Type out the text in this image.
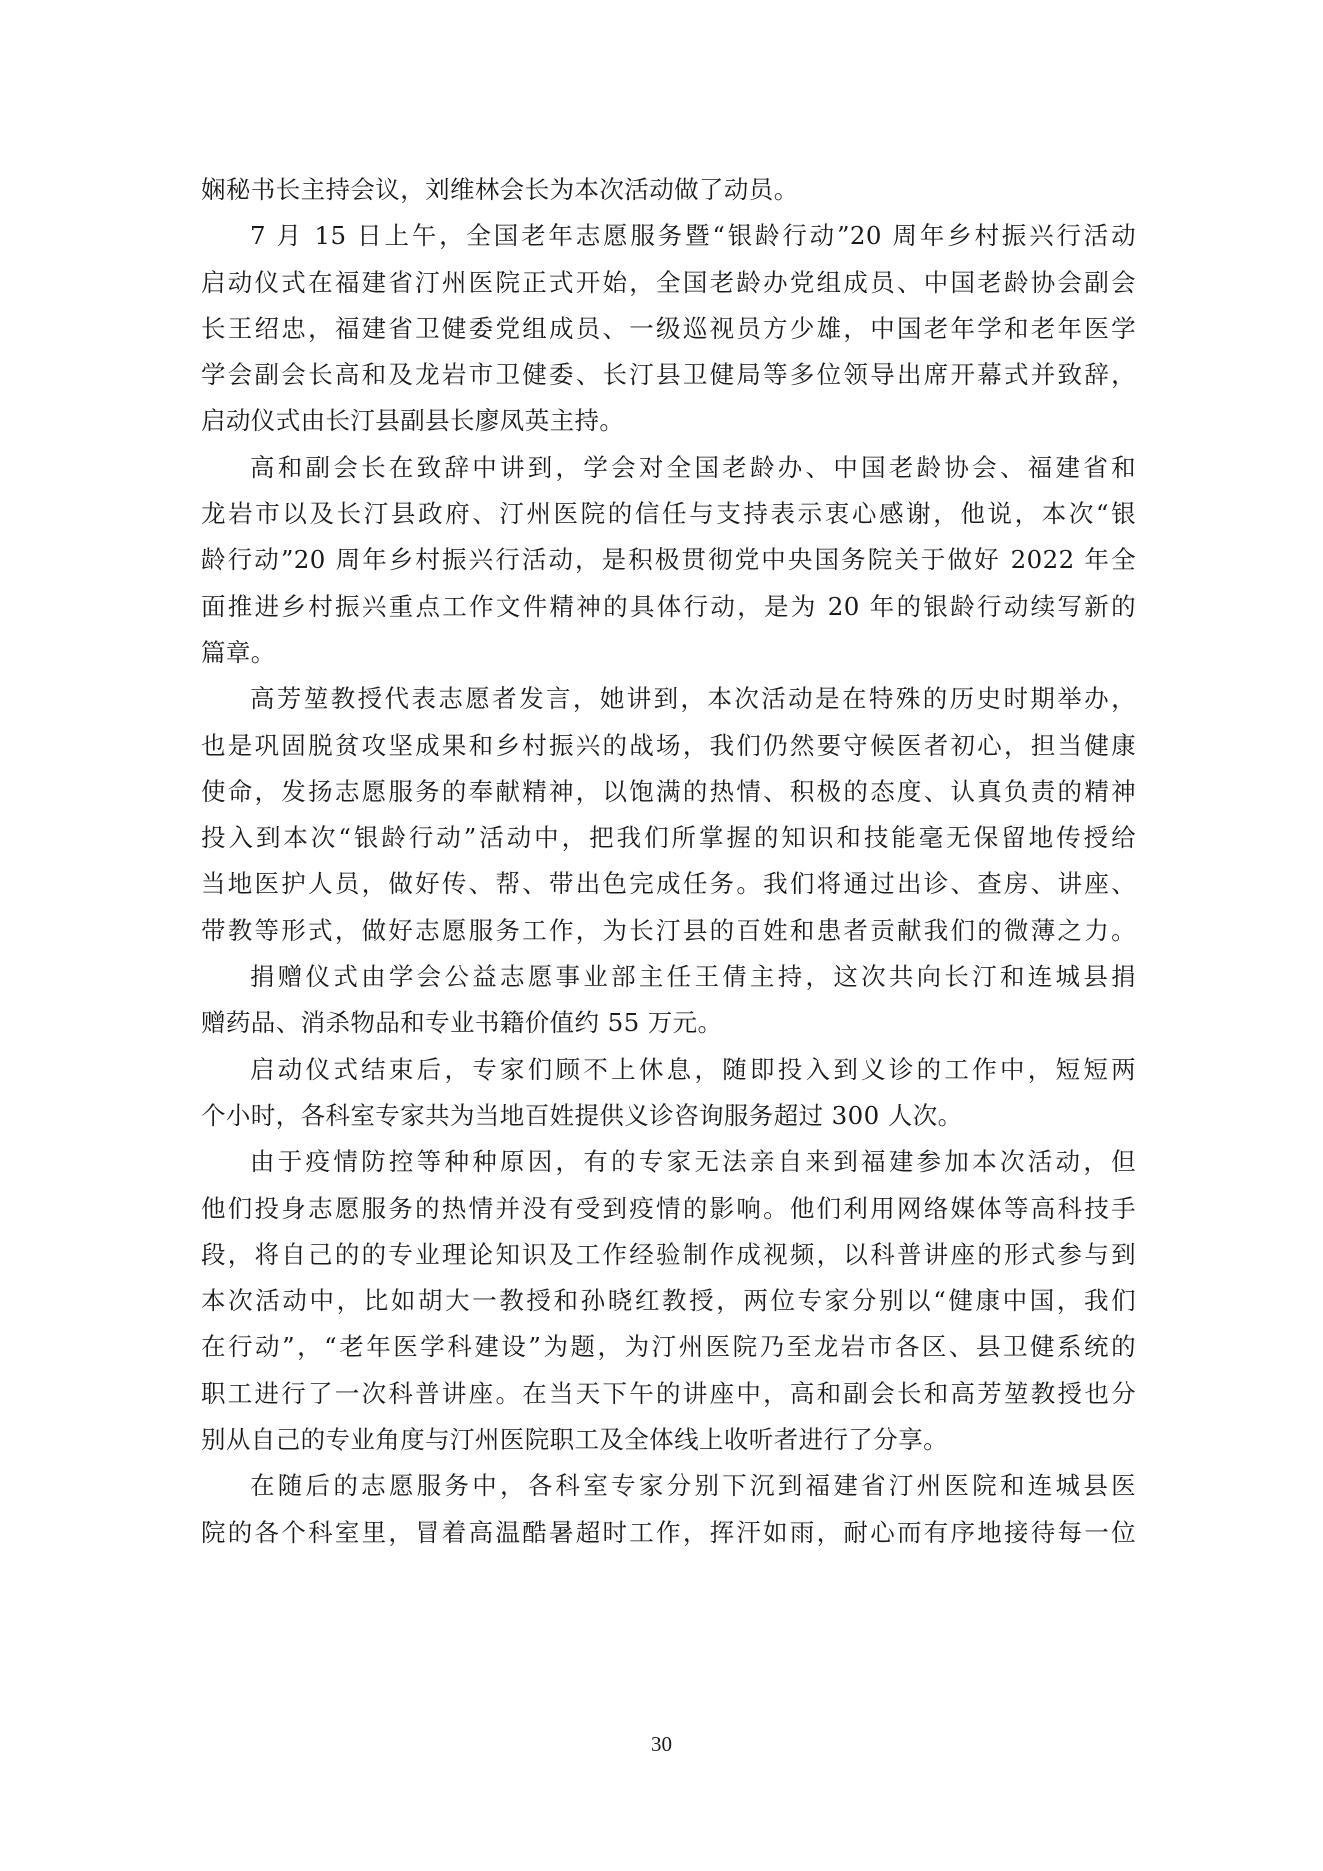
娴秘书长主持会议，刘维林会长为本次活动做了动员。
7 月 15 日上午，全国老年志愿服务暨“银龄行动”20 周年乡村振兴行活动
启动仪式在福建省汀州医院正式开始，全国老龄办党组成员、中国老龄协会副会
长王绍忠，福建省卫健委党组成员、一级巡视员方少雄，中国老年学和老年医学
学会副会长高和及龙岩市卫健委、长汀县卫健局等多位领导出席开幕式并致辞，
启动仪式由长汀县副县长廖凤英主持。
高和副会长在致辞中讲到，学会对全国老龄办、中国老龄协会、福建省和
龙岩市以及长汀县政府、汀州医院的信任与支持表示衷心感谢，他说，本次“银
龄行动”20 周年乡村振兴行活动，是积极贯彻党中央国务院关于做好 2022 年全
面推进乡村振兴重点工作文件精神的具体行动，是为 20 年的银龄行动续写新的
篇章。
高芳堃教授代表志愿者发言，她讲到，本次活动是在特殊的历史时期举办，
也是巩固脱贫攻坚成果和乡村振兴的战场，我们仍然要守候医者初心，担当健康
使命，发扬志愿服务的奉献精神，以饱满的热情、积极的态度、认真负责的精神
投入到本次“银龄行动”活动中，把我们所掌握的知识和技能毫无保留地传授给
当地医护人员，做好传、帮、带出色完成任务。我们将通过出诊、查房、讲座、
带教等形式，做好志愿服务工作，为长汀县的百姓和患者贡献我们的微薄之力。
捐赠仪式由学会公益志愿事业部主任王倩主持，这次共向长汀和连城县捐
赠药品、消杀物品和专业书籍价值约 55 万元。
启动仪式结束后，专家们顾不上休息，随即投入到义诊的工作中，短短两
个小时，各科室专家共为当地百姓提供义诊咨询服务超过 300 人次。
由于疫情防控等种种原因，有的专家无法亲自来到福建参加本次活动，但
他们投身志愿服务的热情并没有受到疫情的影响。他们利用网络媒体等高科技手
段，将自己的的专业理论知识及工作经验制作成视频，以科普讲座的形式参与到
本次活动中，比如胡大一教授和孙晓红教授，两位专家分别以“健康中国，我们
在行动”，“老年医学科建设”为题，为汀州医院乃至龙岩市各区、县卫健系统的
职工进行了一次科普讲座。在当天下午的讲座中，高和副会长和高芳堃教授也分
别从自己的专业角度与汀州医院职工及全体线上收听者进行了分享。
在随后的志愿服务中，各科室专家分别下沉到福建省汀州医院和连城县医
院的各个科室里，冒着高温酷暑超时工作，挥汗如雨，耐心而有序地接待每一位
30
